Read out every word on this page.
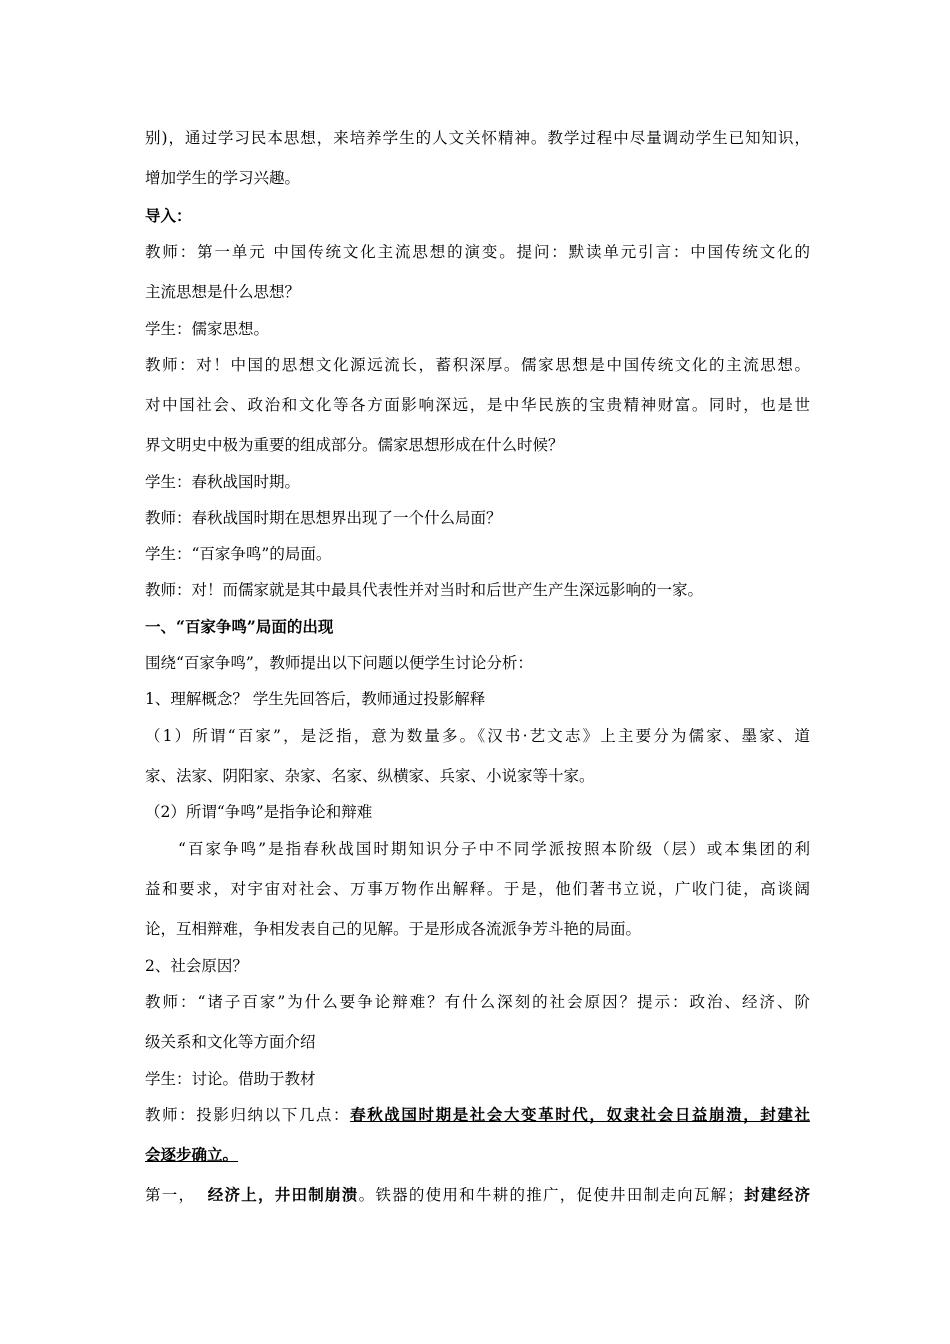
别)，通过学习民本思想，来培养学生的人文关怀精神。教学过程中尽量调动学生已知知识，
增加学生的学习兴趣。
导入：
教师：第一单元 中国传统文化主流思想的演变。提问：默读单元引言：中国传统文化的
主流思想是什么思想？
学生：儒家思想。
教师：对！中国的思想文化源远流长，蓄积深厚。儒家思想是中国传统文化的主流思想。
对中国社会、政治和文化等各方面影响深远，是中华民族的宝贵精神财富。同时，也是世
界文明史中极为重要的组成部分。儒家思想形成在什么时候？
学生：春秋战国时期。
教师：春秋战国时期在思想界出现了一个什么局面？
学生：“百家争鸣”的局面。
教师：对！而儒家就是其中最具代表性并对当时和后世产生产生深远影响的一家。
一、“百家争鸣”局面的出现
围绕“百家争鸣”，教师提出以下问题以便学生讨论分析：
1、理解概念？ 学生先回答后，教师通过投影解释
（1）所谓“百家”，是泛指，意为数量多。《汉书·艺文志》上主要分为儒家、墨家、道
家、法家、阴阳家、杂家、名家、纵横家、兵家、小说家等十家。
（2）所谓“争鸣”是指争论和辩难
“百家争鸣”是指春秋战国时期知识分子中不同学派按照本阶级（层）或本集团的利
益和要求，对宇宙对社会、万事万物作出解释。于是，他们著书立说，广收门徒，高谈阔
论，互相辩难，争相发表自己的见解。于是形成各流派争芳斗艳的局面。
2、社会原因？
教师：“诸子百家”为什么要争论辩难？有什么深刻的社会原因？提示：政治、经济、阶
级关系和文化等方面介绍
学生：讨论。借助于教材
教师：投影归纳以下几点：春秋战国时期是社会大变革时代，奴隶社会日益崩溃，封建社
会逐步确立。
第一，  经济上，井田制崩溃。铁器的使用和牛耕的推广，促使井田制走向瓦解；封建经济
